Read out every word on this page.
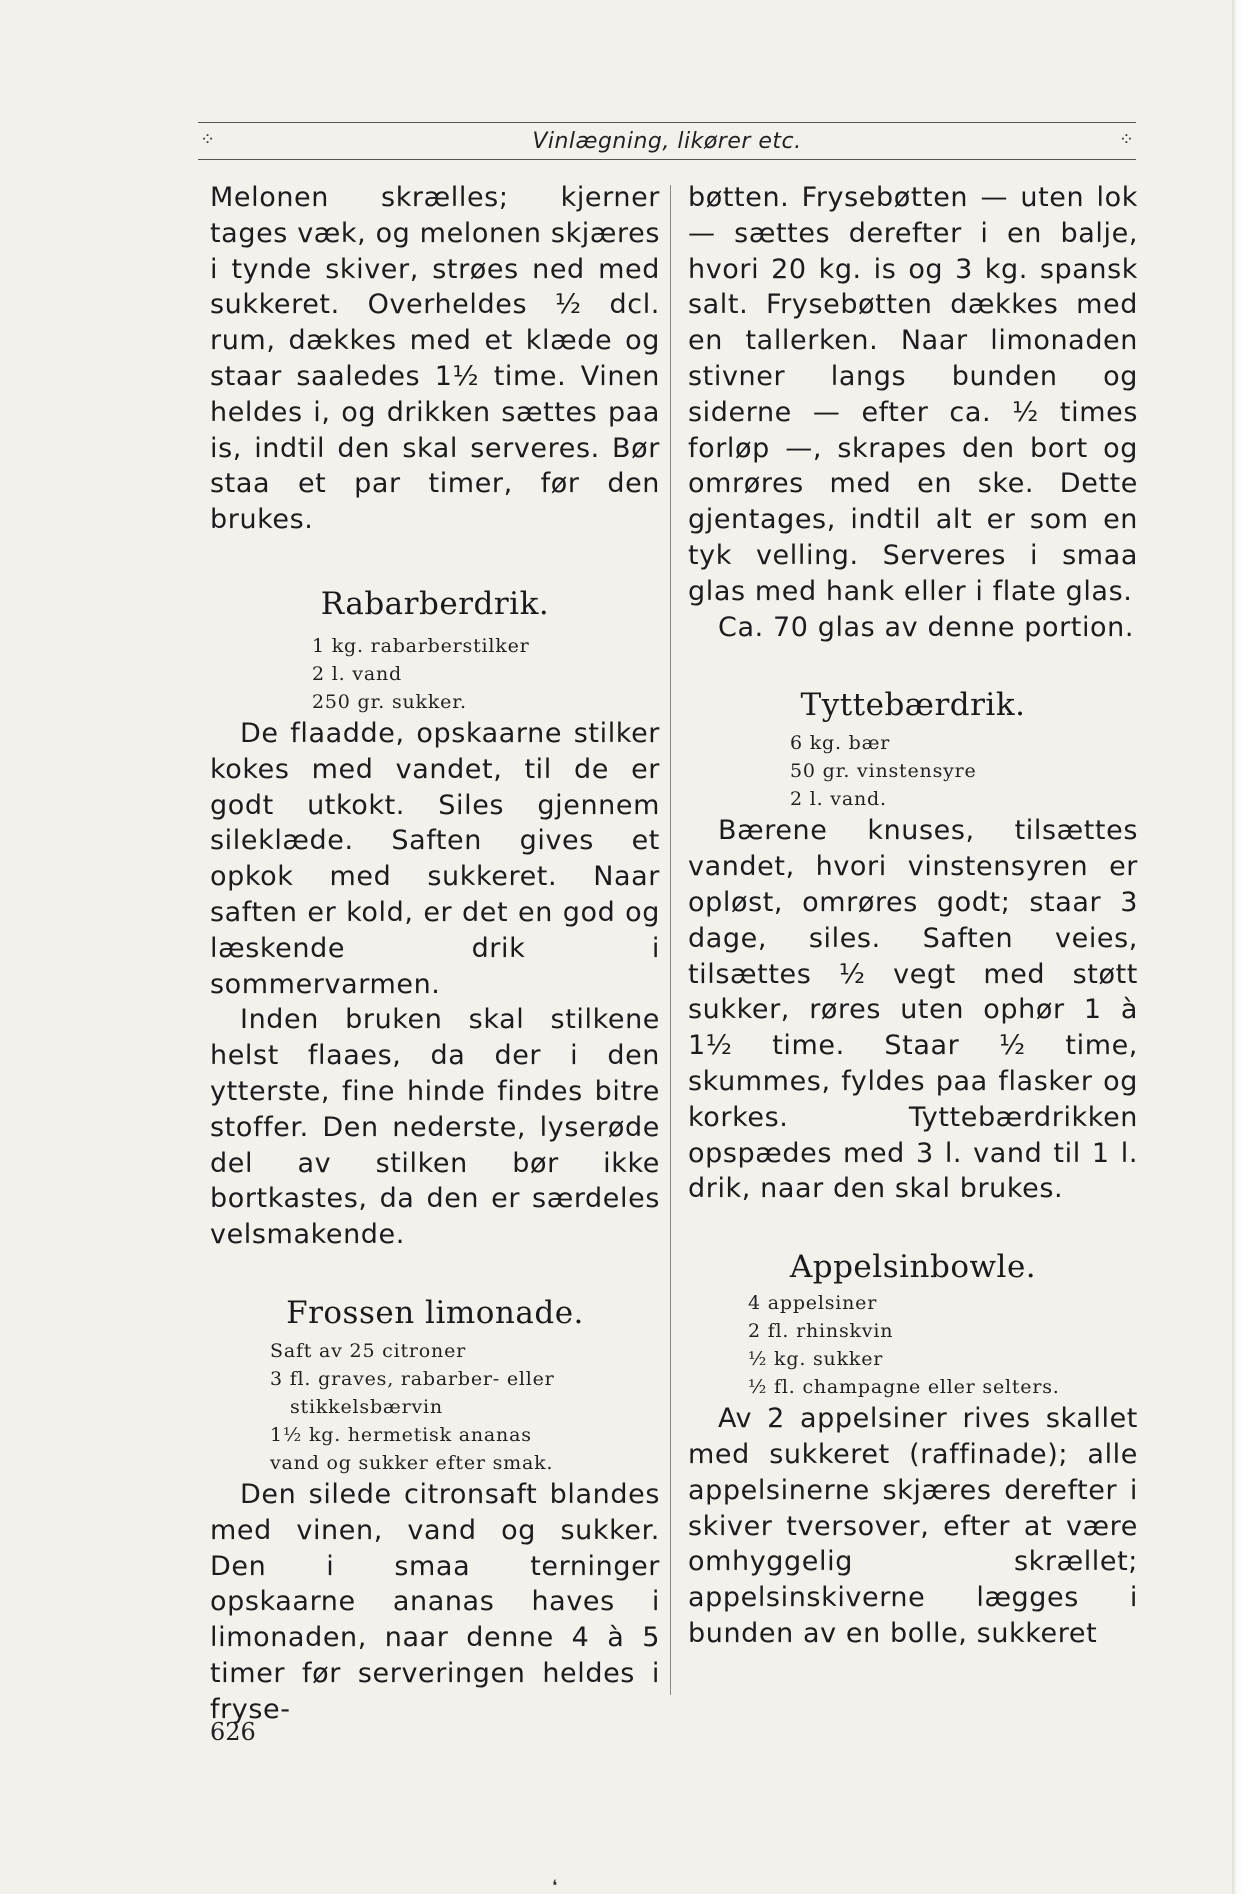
⁘	Vinlægning, likører etc.	⁘

Melonen skrælles; kjerner tages væk, og melonen skjæres i tynde skiver, strøes ned med sukkeret. Overheldes ½ dcl. rum, dækkes med et klæde og staar saaledes 1½ time. Vinen heldes i, og drikken sættes paa is, indtil den skal serveres. Bør staa et par timer, før den brukes.

Rabarberdrik.
1 kg. rabarberstilker
2 l. vand
250 gr. sukker.

De flaadde, opskaarne stilker kokes med vandet, til de er godt utkokt. Siles gjennem sileklæde. Saften gives et opkok med sukkeret. Naar saften er kold, er det en god og læskende drik i sommervarmen.

Inden bruken skal stilkene helst flaaes, da der i den ytterste, fine hinde findes bitre stoffer. Den nederste, lyserøde del av stilken bør ikke bortkastes, da den er særdeles velsmakende.

Frossen limonade.
Saft av 25 citroner
3 fl. graves, rabarber- eller
stikkelsbærvin
1½ kg. hermetisk ananas
vand og sukker efter smak.

Den silede citronsaft blandes med vinen, vand og sukker. Den i smaa terninger opskaarne ananas haves i limonaden, naar denne 4 à 5 timer før serveringen heldes i fryse-

bøtten. Frysebøtten — uten lok — sættes derefter i en balje, hvori 20 kg. is og 3 kg. spansk salt. Frysebøtten dækkes med en tallerken. Naar limonaden stivner langs bunden og siderne — efter ca. ½ times forløp —, skrapes den bort og omrøres med en ske. Dette gjentages, indtil alt er som en tyk velling. Serveres i smaa glas med hank eller i flate glas.

Ca. 70 glas av denne portion.

Tyttebærdrik.
6 kg. bær
50 gr. vinstensyre
2 l. vand.

Bærene knuses, tilsættes vandet, hvori vinstensyren er opløst, omrøres godt; staar 3 dage, siles. Saften veies, tilsættes ½ vegt med støtt sukker, røres uten ophør 1 à 1½ time. Staar ½ time, skummes, fyldes paa flasker og korkes. Tyttebærdrikken opspædes med 3 l. vand til 1 l. drik, naar den skal brukes.

Appelsinbowle.
4 appelsiner
2 fl. rhinskvin
½ kg. sukker
½ fl. champagne eller selters.

Av 2 appelsiner rives skallet med sukkeret (raffinade); alle appelsinerne skjæres derefter i skiver tversover, efter at være omhyggelig skrællet; appelsinskiverne lægges i bunden av en bolle, sukkeret

626
❛
